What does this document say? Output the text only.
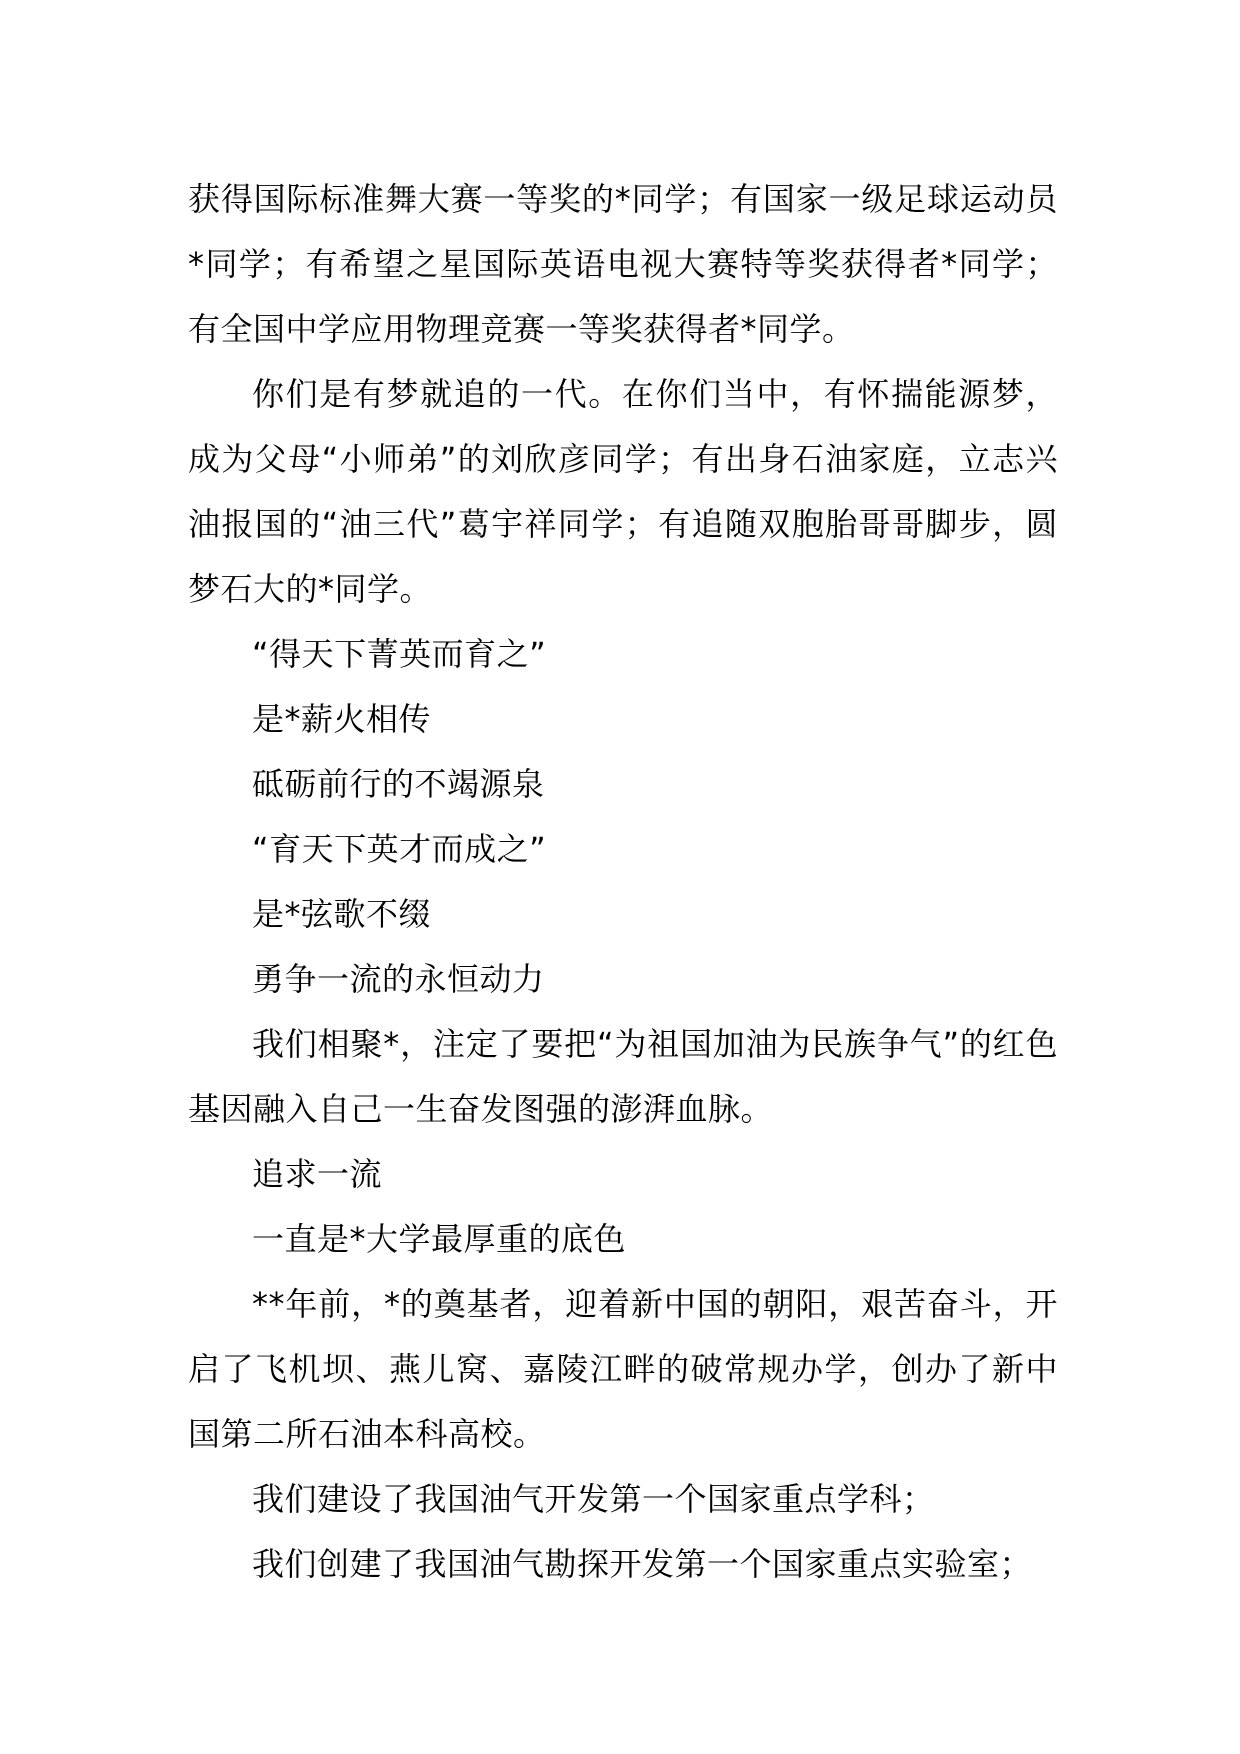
获得国际标准舞大赛一等奖的*同学；有国家一级足球运动员*同学；有希望之星国际英语电视大赛特等奖获得者*同学；有全国中学应用物理竞赛一等奖获得者*同学。

你们是有梦就追的一代。在你们当中，有怀揣能源梦，成为父母“小师弟”的刘欣彦同学；有出身石油家庭，立志兴油报国的“油三代”葛宇祥同学；有追随双胞胎哥哥脚步，圆梦石大的*同学。

“得天下菁英而育之”

是*薪火相传

砥砺前行的不竭源泉

“育天下英才而成之”

是*弦歌不缀

勇争一流的永恒动力

我们相聚*，注定了要把“为祖国加油为民族争气”的红色基因融入自己一生奋发图强的澎湃血脉。

追求一流

一直是*大学最厚重的底色

**年前，*的奠基者，迎着新中国的朝阳，艰苦奋斗，开启了飞机坝、燕儿窝、嘉陵江畔的破常规办学，创办了新中国第二所石油本科高校。

我们建设了我国油气开发第一个国家重点学科；

我们创建了我国油气勘探开发第一个国家重点实验室；
